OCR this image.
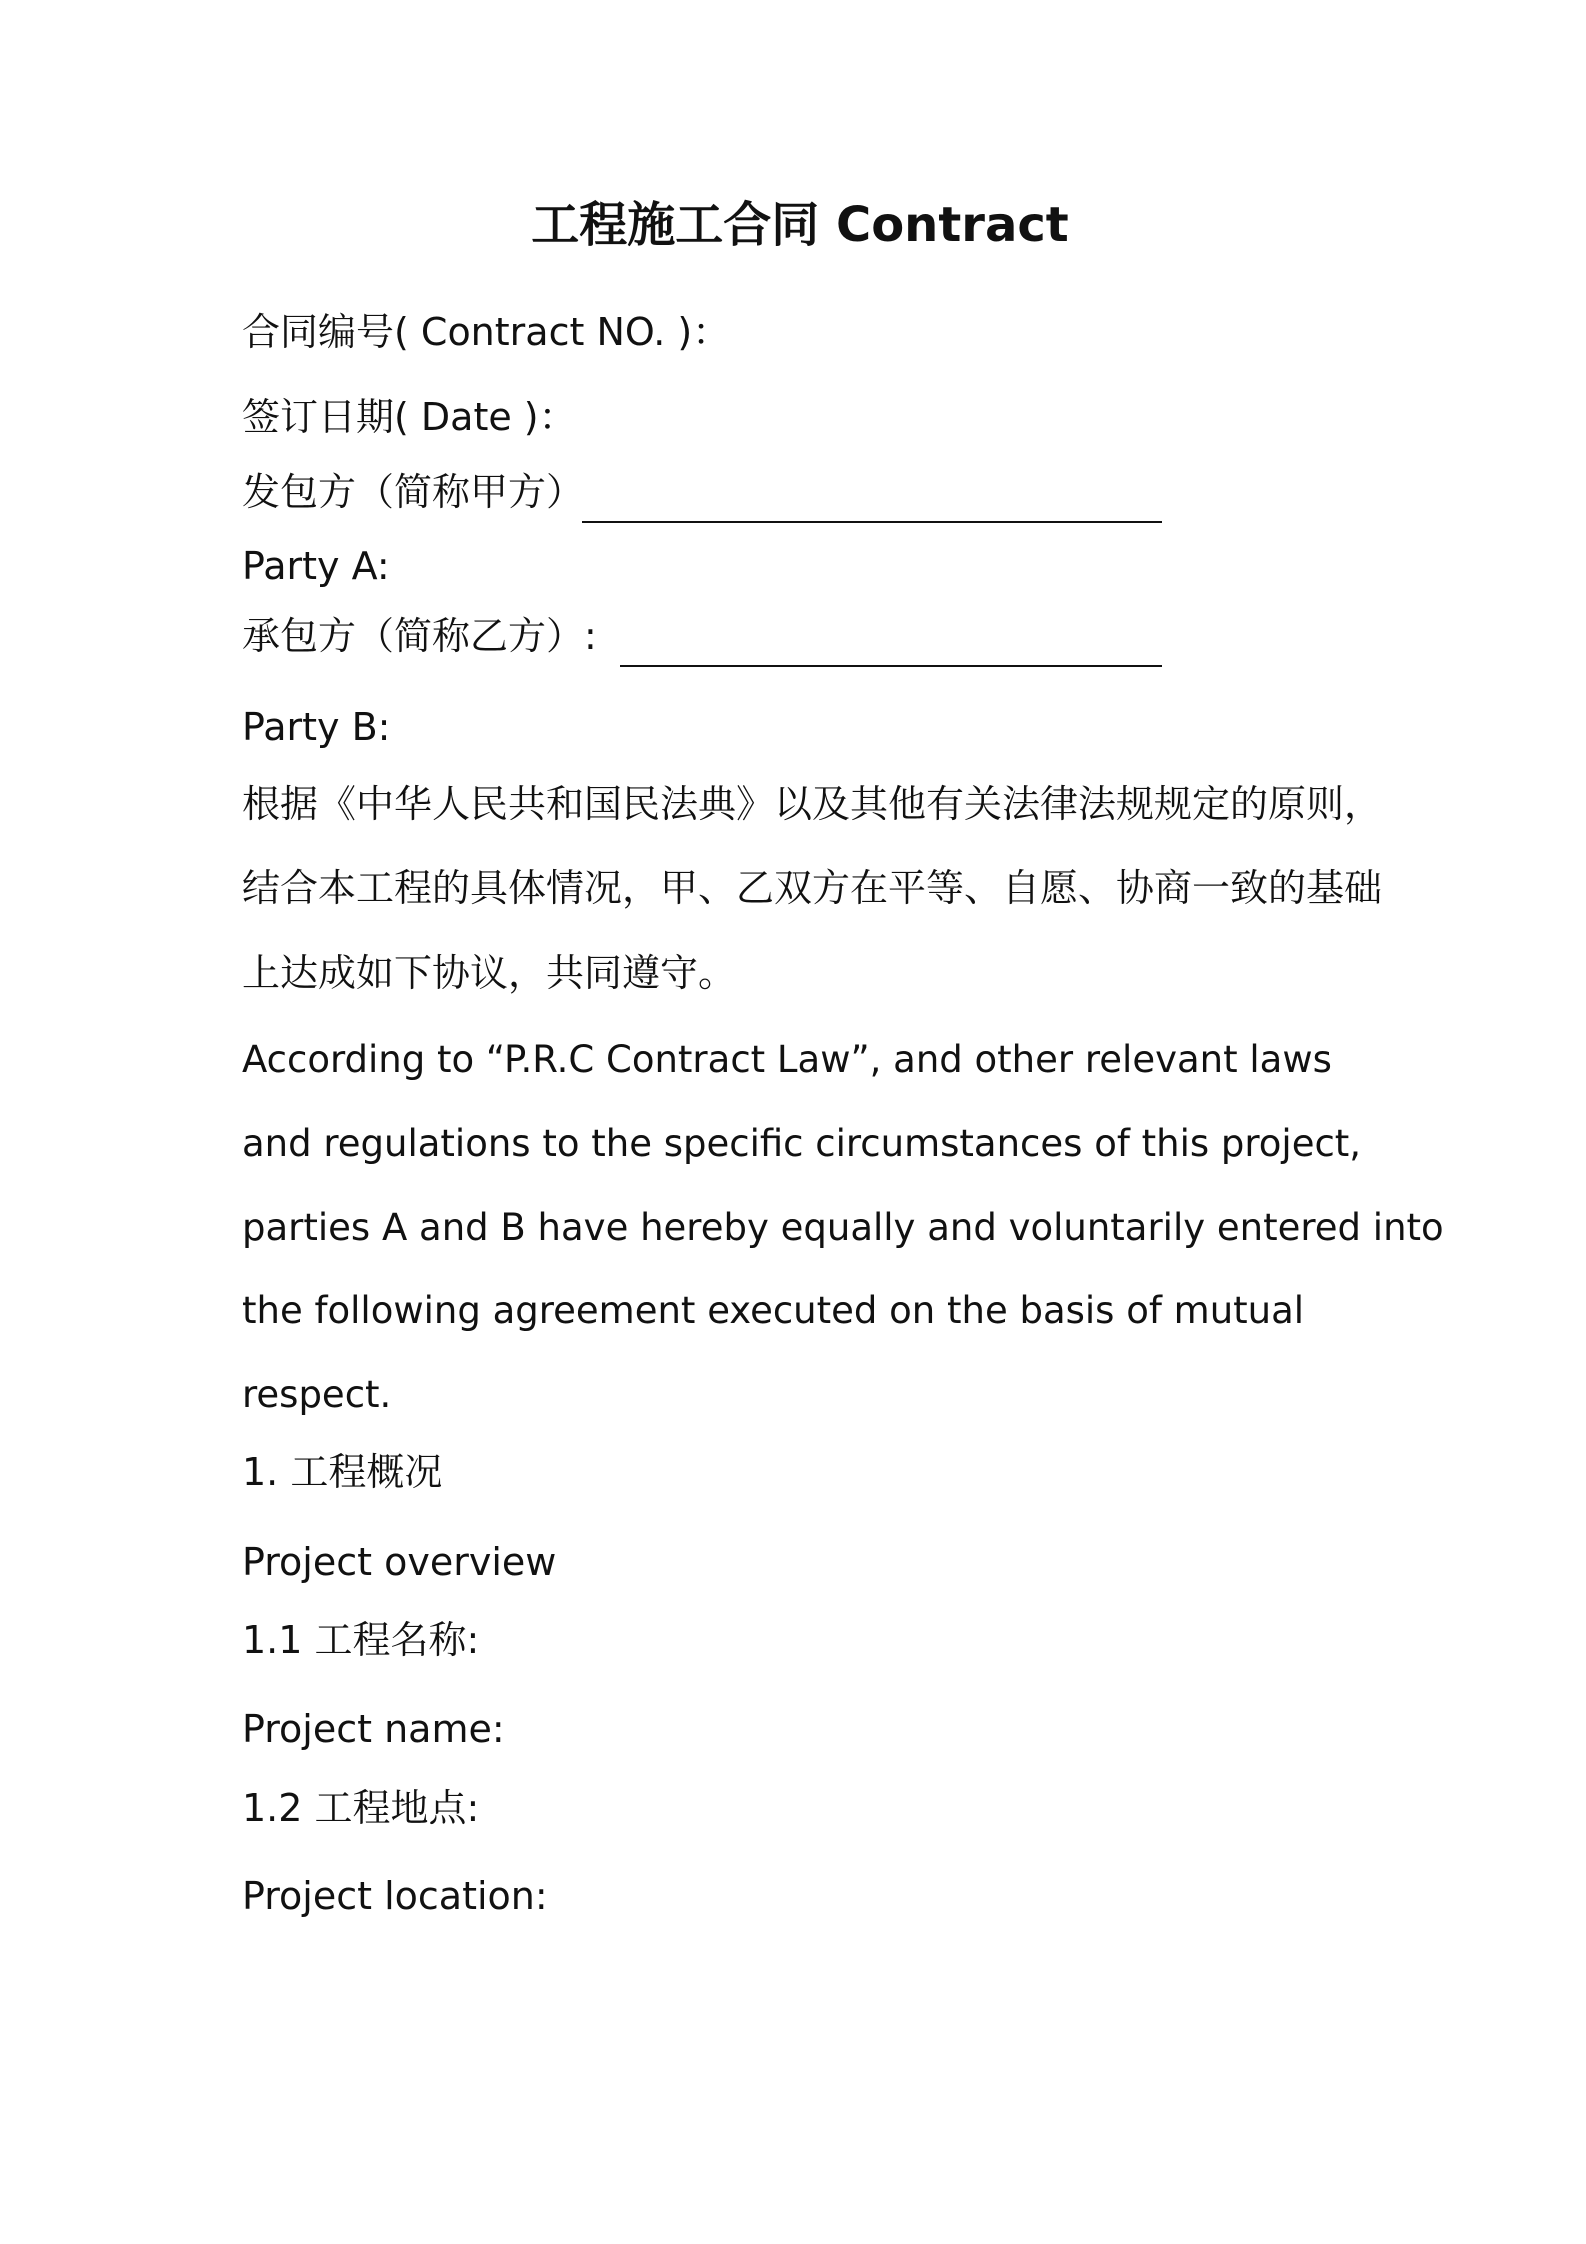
工程施工合同 Contract
合同编号( Contract NO. )：
签订日期( Date )：
发包方（简称甲方）
Party A:
承包方（简称乙方）:
Party B:
根据《中华人民共和国民法典》以及其他有关法律法规规定的原则，
结合本工程的具体情况，甲、乙双方在平等、自愿、协商一致的基础
上达成如下协议，共同遵守。
According to “P.R.C Contract Law”, and other relevant laws
and regulations to the specific circumstances of this project,
parties A and B have hereby equally and voluntarily entered into
the following agreement executed on the basis of mutual
respect.
1. 工程概况
Project overview
1.1 工程名称:
Project name:
1.2 工程地点:
Project location:
